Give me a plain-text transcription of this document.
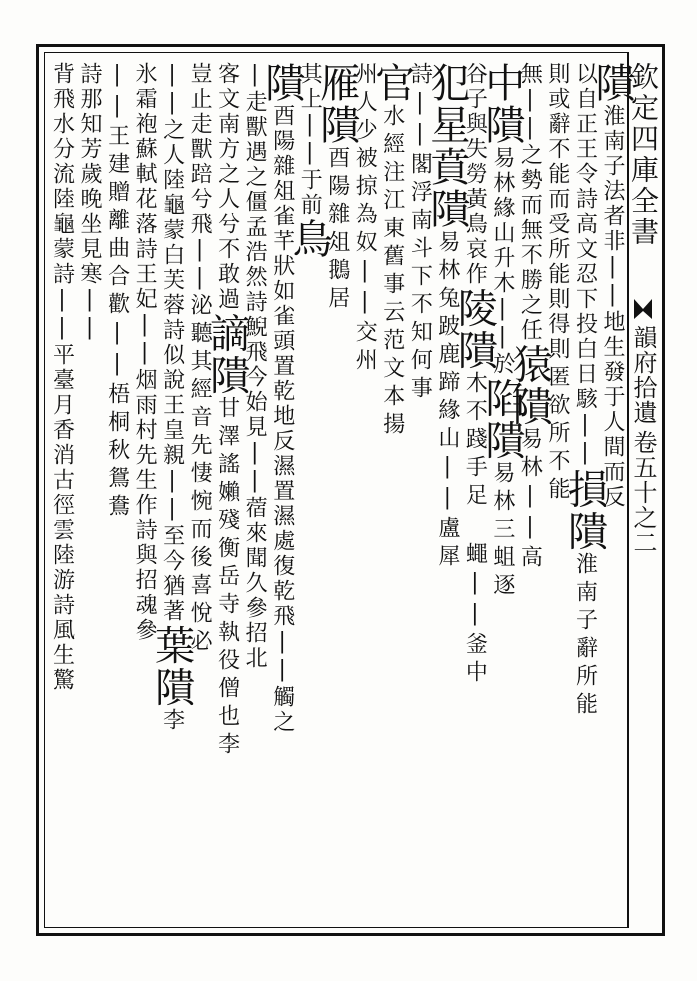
欽定四庫全書
韻府拾遺
卷五十之二
隤淮南子法者非||地生發于人間而反
以自正王令詩高文忍下投白日駭||損隤淮南子辭所能
則或辭不能而受所能則得則匿欲所不能
無||之勢而無不勝之任猿隤易林||高
中隤易林緣山升木||於陷隤易林三蛆逐
谷子與失勞黃鳥哀作陵隤木不踐手足 蠅||釜中
犯星賁隤易林兔跛鹿蹄緣山||盧犀
詩||閣浮南斗下不知何事
官水經注江東舊事云范文本揚
州人少被掠為奴||交州
雁隤酉陽雜俎鵝居
其上||于前鳥
隤酉陽雜俎雀芊狀如雀頭置乾地反濕置濕處復乾飛||觸之
|走獸遇之僵孟浩然詩鯢飛今始見||蓿來聞久參招北
客文南方之人兮不敢過謫隤甘澤謠嬾殘衡岳寺執役僧也李
豈止走獸踣兮飛||泌聽其經音先悽惋而後喜悅必
||之人陸龜蒙白芙蓉詩似說王皇親||至今猶著葉隤李
氷霜袍蘇軾花落詩王妃||烟雨村先生作詩與招魂參
||王建贈離曲合歡||梧桐秋鴛鴦
詩那知芳歲晚坐見寒||
背飛水分流陸龜蒙詩||平臺月香消古徑雲陸游詩風生驚
